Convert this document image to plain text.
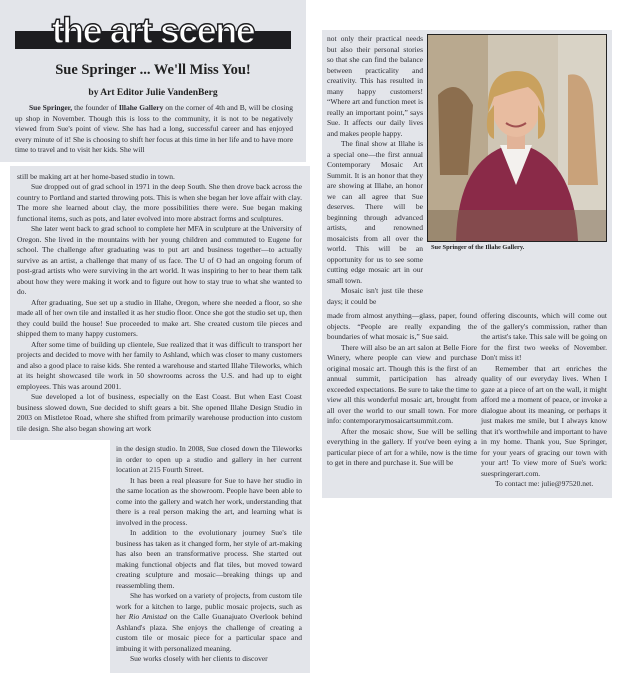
the art scene
Sue Springer ... We'll Miss You!
by Art Editor Julie VandenBerg

Sue Springer, the founder of Illahe Gallery on the corner of 4th and B, will be closing up shop in November. Though this is loss to the community, it is not to be negatively viewed from Sue's point of view. She has had a long, successful career and has enjoyed every minute of it! She is choosing to shift her focus at this time in her life and to have more time to travel and to visit her kids. She will

still be making art at her home-based studio in town.

Sue dropped out of grad school in 1971 in the deep South. She then drove back across the country to Portland and started throwing pots. This is when she began her love affair with clay. The more she learned about clay, the more possibilities there were. Sue began making functional items, such as pots, and later evolved into more abstract forms and sculptures.

She later went back to grad school to complete her MFA in sculpture at the University of Oregon. She lived in the mountains with her young children and commuted to Eugene for school. The challenge after graduating was to put art and business together—to actually survive as an artist, a challenge that many of us face. The U of O had an ongoing forum of post-grad artists who were surviving in the art world. It was inspiring to her to hear them talk about how they were making it work and to figure out how to stay true to what she wanted to do.

After graduating, Sue set up a studio in Illahe, Oregon, where she needed a floor, so she made all of her own tile and installed it as her studio floor. Once she got the studio set up, then they could build the house! Sue proceeded to make art. She created custom tile pieces and shipped them to many happy customers.

After some time of building up clientele, Sue realized that it was difficult to transport her projects and decided to move with her family to Ashland, which was closer to many customers and also a good place to raise kids. She rented a warehouse and started Illahe Tileworks, which at its height showcased tile work in 50 showrooms across the U.S. and had up to eight employees. This was around 2001.

Sue developed a lot of business, especially on the East Coast. But when East Coast business slowed down, Sue decided to shift gears a bit. She opened Illahe Design Studio in 2003 on Mistletoe Road, where she shifted from primarily warehouse production into custom tile design. She also began showing art work

in the design studio. In 2008, Sue closed down the Tileworks in order to open up a studio and gallery in her current location at 215 Fourth Street.

It has been a real pleasure for Sue to have her studio in the same location as the showroom. People have been able to come into the gallery and watch her work, understanding that there is a real person making the art, and learning what is involved in the process.

In addition to the evolutionary journey Sue's tile business has taken as it changed form, her style of art-making has also been an transformative process. She started out making functional objects and flat tiles, but moved toward creating sculpture and mosaic—breaking things up and reassembling them.

She has worked on a variety of projects, from custom tile work for a kitchen to large, public mosaic projects, such as her Rio Amistad on the Calle Guanajuato Overlook behind Ashland's plaza. She enjoys the challenge of creating a custom tile or mosaic piece for a particular space and imbuing it with personalized meaning.

Sue works closely with her clients to discover

not only their practical needs but also their personal stories so that she can find the balance between practicality and creativity. This has resulted in many happy customers! “Where art and function meet is really an important point,” says Sue. It affects our daily lives and makes people happy.

The final show at Illahe is a special one—the first annual Contemporary Mosaic Art Summit. It is an honor that they are showing at Illahe, an honor we can all agree that Sue deserves. There will be beginning through advanced artists, and renowned mosaicists from all over the world. This will be an opportunity for us to see some cutting edge mosaic art in our small town.

Mosaic isn't just tile these days; it could be

Sue Springer of the Illahe Gallery.

made from almost anything—glass, paper, found objects. “People are really expanding the boundaries of what mosaic is,” Sue said.

There will also be an art salon at Belle Fiore Winery, where people can view and purchase original mosaic art. Though this is the first of an annual summit, participation has already exceeded expectations. Be sure to take the time to view all this wonderful mosaic art, brought from all over the world to our small town. For more info: contemporarymosaicartsummit.com.

After the mosaic show, Sue will be selling everything in the gallery. If you've been eying a particular piece of art for a while, now is the time to get in there and purchase it. Sue will be

offering discounts, which will come out of the gallery's commission, rather than the artist's take. This sale will be going on for the first two weeks of November. Don't miss it!

Remember that art enriches the quality of our everyday lives. When I gaze at a piece of art on the wall, it might afford me a moment of peace, or invoke a dialogue about its meaning, or perhaps it just makes me smile, but I always know that it's worthwhile and important to have in my home. Thank you, Sue Springer, for your years of gracing our town with your art! To view more of Sue's work: suespringerart.com.

To contact me: julie@97520.net.
